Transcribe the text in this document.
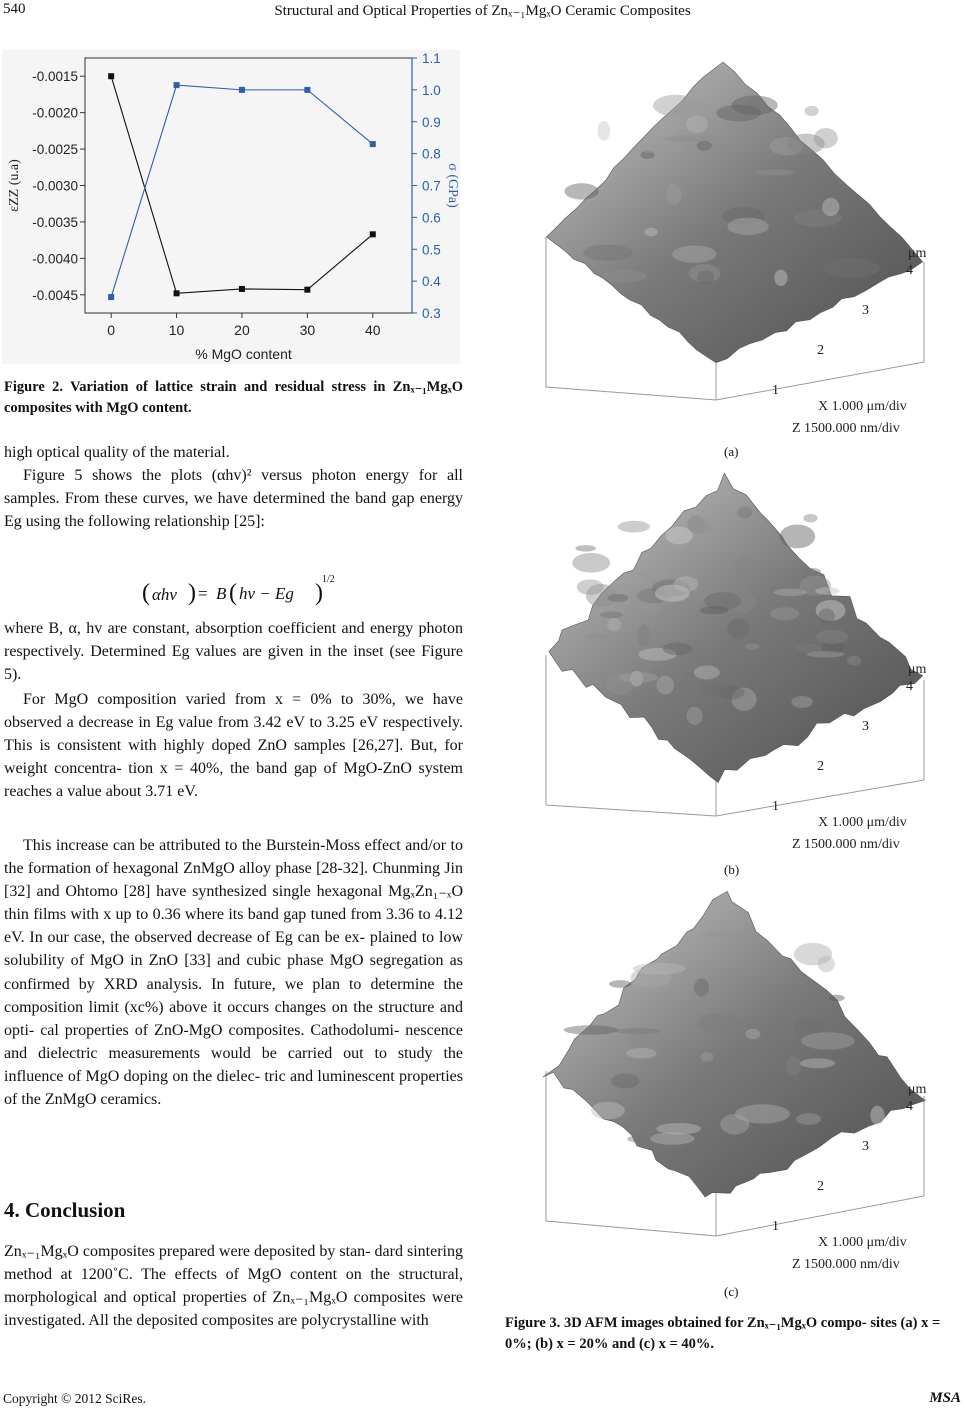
540	Structural and Optical Properties of Znₓ₋₁MgₓO Ceramic Composites
0	10	20	30	40
-0.0015
-0.0020
-0.0025
-0.0030
-0.0035
-0.0040
-0.0045
1.1
1.0
0.9
0.8
0.7
0.6
0.5
0.4
0.3
% MgO content
εZZ (u.a)	σ (GPa)
Figure 2. Variation of lattice strain and residual stress in Znₓ₋₁MgₓO composites with MgO content.

high optical quality of the material.

Figure 5 shows the plots (αhv)² versus photon energy for all samples. From these curves, we have determined the band gap energy Eg using the following relationship [25]:

( αhν ) = B ( hν − Eg )
1/2

where B, α, hv are constant, absorption coefficient and energy photon respectively. Determined Eg values are given in the inset (see Figure 5).

For MgO composition varied from x = 0% to 30%, we have observed a decrease in Eg value from 3.42 eV to 3.25 eV respectively. This is consistent with highly doped ZnO samples [26,27]. But, for weight concentra- tion x = 40%, the band gap of MgO-ZnO system reaches a value about 3.71 eV.

This increase can be attributed to the Burstein-Moss effect and/or to the formation of hexagonal ZnMgO alloy phase [28-32]. Chunming Jin [32] and Ohtomo [28] have synthesized single hexagonal MgₓZn₁₋ₓO thin films with x up to 0.36 where its band gap tuned from 3.36 to 4.12 eV. In our case, the observed decrease of Eg can be ex- plained to low solubility of MgO in ZnO [33] and cubic phase MgO segregation as confirmed by XRD analysis. In future, we plan to determine the composition limit (xc%) above it occurs changes on the structure and opti- cal properties of ZnO-MgO composites. Cathodolumi- nescence and dielectric measurements would be carried out to study the influence of MgO doping on the dielec- tric and luminescent properties of the ZnMgO ceramics.

4. Conclusion

Znₓ₋₁MgₓO composites prepared were deposited by stan- dard sintering method at 1200˚C. The effects of MgO content on the structural, morphological and optical properties of Znₓ₋₁MgₓO composites were investigated. All the deposited composites are polycrystalline with

1
2
3
4
μm
X 1.000 μm/div
Z 1500.000 nm/div
(a)
1
2
3
4
μm
X 1.000 μm/div
Z 1500.000 nm/div
(b)
1
2
3
4
μm
X 1.000 μm/div
Z 1500.000 nm/div
(c)
Figure 3. 3D AFM images obtained for Znₓ₋₁MgₓO compo- sites (a) x = 0%; (b) x = 20% and (c) x = 40%.
Copyright © 2012 SciRes.	MSA
